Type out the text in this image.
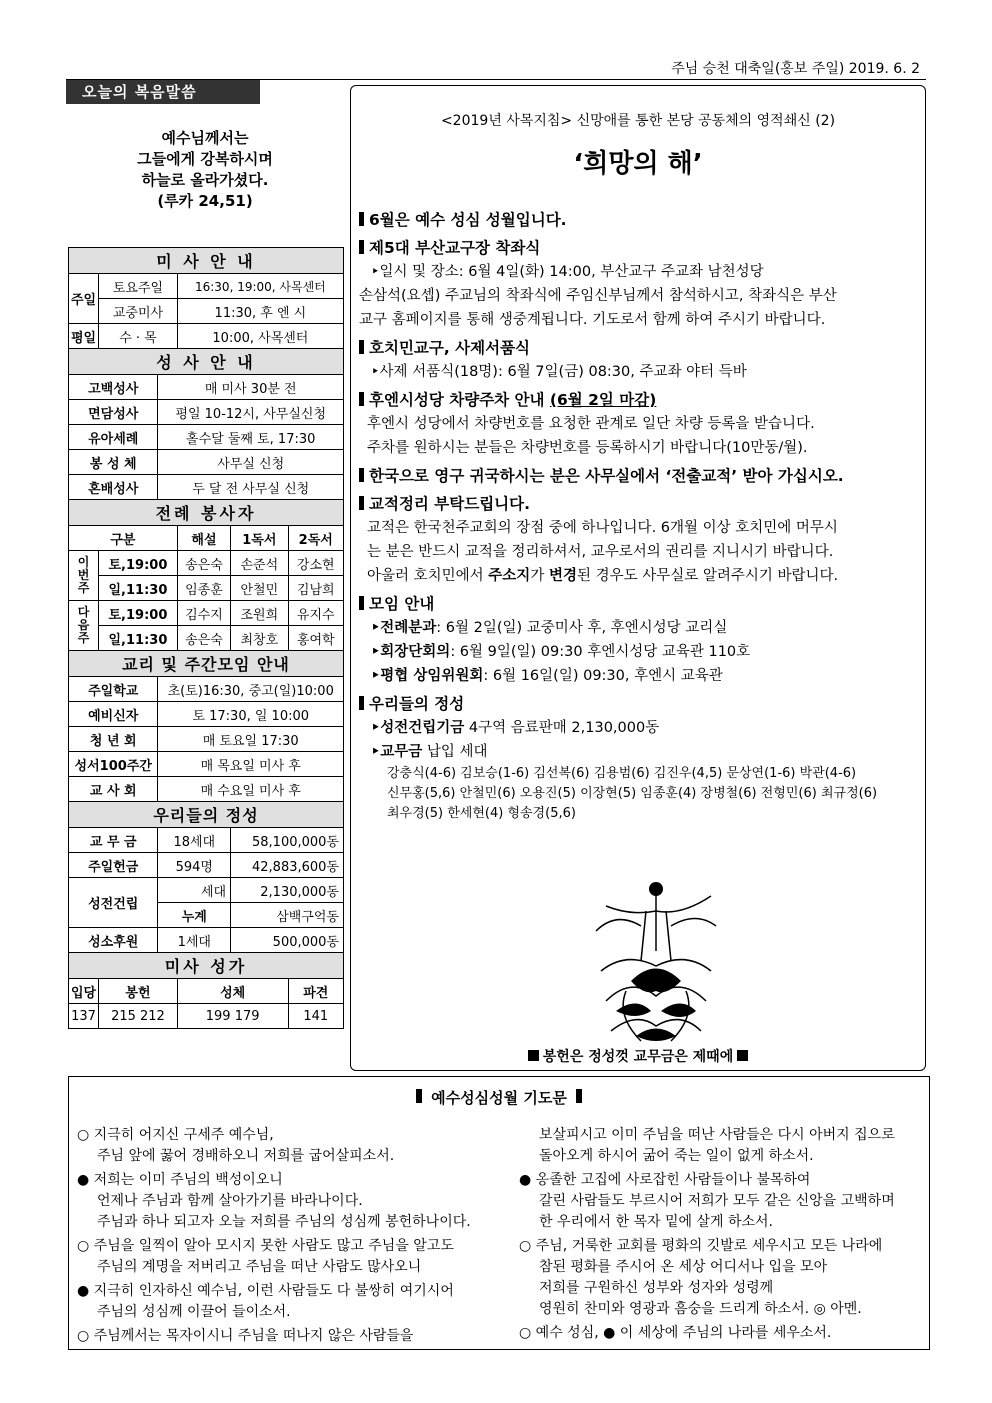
주님 승천 대축일(홍보 주일) 2019. 6. 2
오늘의 복음말씀
예수님께서는
그들에게 강복하시며
하늘로 올라가셨다.
(루카 24,51)
미 사 안 내					
주일	토요주일		16:30, 19:00, 사목센터		
	교중미사		11:30, 후 엔 시		
평일	수 · 목		10:00, 사목센터		
성 사 안 내					
고백성사		매 미사 30분 전			
면담성사		평일 10-12시, 사무실신청			
유아세례		홀수달 둘째 토, 17:30			
봉 성 체		사무실 신청			
혼배성사		두 달 전 사무실 신청			
전례 봉사자					
구분			해설	1독서	2독서
이번주	토,19:00		송은숙	손준석	강소현
	일,11:30		임종훈	안철민	김남희
다음주	토,19:00		김수지	조원희	유지수
	일,11:30		송은숙	최창호	홍여학
교리 및 주간모임 안내					
주일학교		초(토)16:30, 중고(일)10:00			
예비신자		토 17:30, 일 10:00			
청 년 회		매 토요일 17:30			
성서100주간		매 목요일 미사 후			
교 사 회		매 수요일 미사 후			
우리들의 정성					
교 무 금		18세대		58,100,000동	
주일헌금		594명		42,883,600동	
성전건립		세대		2,130,000동	
		누계		삼백구억동	
성소후원		1세대		500,000동	
미사 성가					
입당	봉헌		성체		파견
137	215 212		199 179		141
<2019년 사목지침> 신망애를 통한 본당 공동체의 영적쇄신 (2)
‘희망의 해’
6월은 예수 성심 성월입니다.
제5대 부산교구장 착좌식
‣일시 및 장소: 6월 4일(화) 14:00, 부산교구 주교좌 남천성당
손삼석(요셉) 주교님의 착좌식에 주임신부님께서 참석하시고, 착좌식은 부산
교구 홈페이지를 통해 생중계됩니다. 기도로서 함께 하여 주시기 바랍니다.
호치민교구, 사제서품식
‣사제 서품식(18명): 6월 7일(금) 08:30, 주교좌 야터 득바
후엔시성당 차량주차 안내 (6월 2일 마감)
후엔시 성당에서 차량번호를 요청한 관계로 일단 차량 등록을 받습니다.
주차를 원하시는 분들은 차량번호를 등록하시기 바랍니다(10만동/월).
한국으로 영구 귀국하시는 분은 사무실에서 ‘전출교적’ 받아 가십시오.
교적정리 부탁드립니다.
교적은 한국천주교회의 장점 중에 하나입니다. 6개월 이상 호치민에 머무시
는 분은 반드시 교적을 정리하셔서, 교우로서의 권리를 지니시기 바랍니다.
아울러 호치민에서 주소지가 변경된 경우도 사무실로 알려주시기 바랍니다.
모임 안내
‣전례분과: 6월 2일(일) 교중미사 후, 후엔시성당 교리실
‣회장단회의: 6월 9일(일) 09:30 후엔시성당 교육관 110호
‣평협 상임위원회: 6월 16일(일) 09:30, 후엔시 교육관
우리들의 정성
‣성전건립기금 4구역 음료판매 2,130,000동
‣교무금 납입 세대
강충식(4-6) 김보승(1-6) 김선복(6) 김용범(6) 김진우(4,5) 문상연(1-6) 박관(4-6)
신무홍(5,6) 안철민(6) 오용진(5) 이장현(5) 임종훈(4) 장병철(6) 전형민(6) 최규정(6)
최우경(5) 한세현(4) 형송경(5,6)
봉헌은 정성껏 교무금은 제때에
예수성심성월 기도문
○ 지극히 어지신 구세주 예수님,
주님 앞에 꿇어 경배하오니 저희를 굽어살피소서.
● 저희는 이미 주님의 백성이오니
언제나 주님과 함께 살아가기를 바라나이다.
주님과 하나 되고자 오늘 저희를 주님의 성심께 봉헌하나이다.
○ 주님을 일찍이 알아 모시지 못한 사람도 많고 주님을 알고도
주님의 계명을 저버리고 주님을 떠난 사람도 많사오니
● 지극히 인자하신 예수님, 이런 사람들도 다 불쌍히 여기시어
주님의 성심께 이끌어 들이소서.
○ 주님께서는 목자이시니 주님을 떠나지 않은 사람들을
보살피시고 이미 주님을 떠난 사람들은 다시 아버지 집으로
돌아오게 하시어 굶어 죽는 일이 없게 하소서.
● 옹졸한 고집에 사로잡힌 사람들이나 불목하여
갈린 사람들도 부르시어 저희가 모두 같은 신앙을 고백하며
한 우리에서 한 목자 밑에 살게 하소서.
○ 주님, 거룩한 교회를 평화의 깃발로 세우시고 모든 나라에
참된 평화를 주시어 온 세상 어디서나 입을 모아
저희를 구원하신 성부와 성자와 성령께
영원히 찬미와 영광과 흠숭을 드리게 하소서. ◎ 아멘.
○ 예수 성심, ● 이 세상에 주님의 나라를 세우소서.
